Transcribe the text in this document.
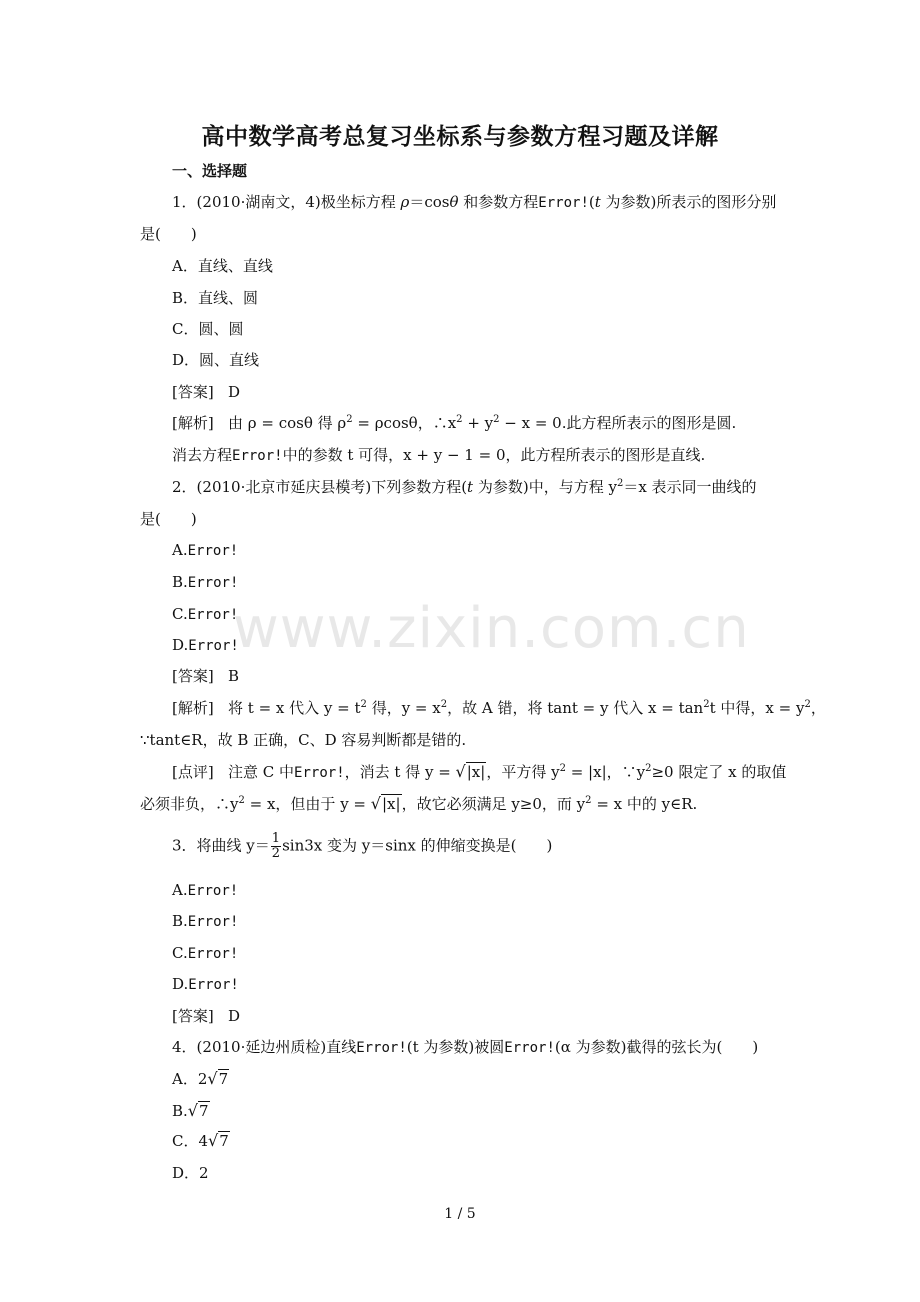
高中数学高考总复习坐标系与参数方程习题及详解
一、选择题
1．(2010·湖南文，4)极坐标方程 ρ＝cosθ 和参数方程Error!(t 为参数)所表示的图形分别
是(　　)
A．直线、直线
B．直线、圆
C．圆、圆
D．圆、直线
[答案] D
[解析] 由 ρ = cosθ 得 $\rho^2 = \rho\cos\theta$，$\therefore x^2 + y^2 - x = 0$.此方程所表示的图形是圆.
消去方程Error!中的参数 t 可得，x + y − 1 = 0，此方程所表示的图形是直线.
2．(2010·北京市延庆县模考)下列参数方程(t 为参数)中，与方程 $y^2=x$ 表示同一曲线的
是(　　)
A.Error!
B.Error!
C.Error!
D.Error!
[答案] B
[解析] 将 t = x 代入 $y = t^2$ 得，$y = x^2$，故 A 错，将 tant = y 代入 $x = \tan^2t$ 中得，$x = y^2$，
∵tant∈R，故 B 正确，C、D 容易判断都是错的.
[点评] 注意 C 中Error!，消去 t 得 y = √|x|，平方得 $y^2 = |x|$，$\because y^2\ge 0$ 限定了 x 的取值
必须非负，$\therefore y^2 = x$，但由于 y = √|x|，故它必须满足 y≥0，而 $y^2 = x$ 中的 y∈R.
3．将曲线 $y= \frac{1}{2} \sin 3x$ 变为 y＝sinx 的伸缩变换是(　　)
A.Error!
B.Error!
C.Error!
D.Error!
[答案] D
4．(2010·延边州质检)直线Error!(t 为参数)被圆Error!(α 为参数)截得的弦长为(　　)
A．2√7
B.√7
C．4√7
D．2
www.zixin.com.cn
1 / 5
